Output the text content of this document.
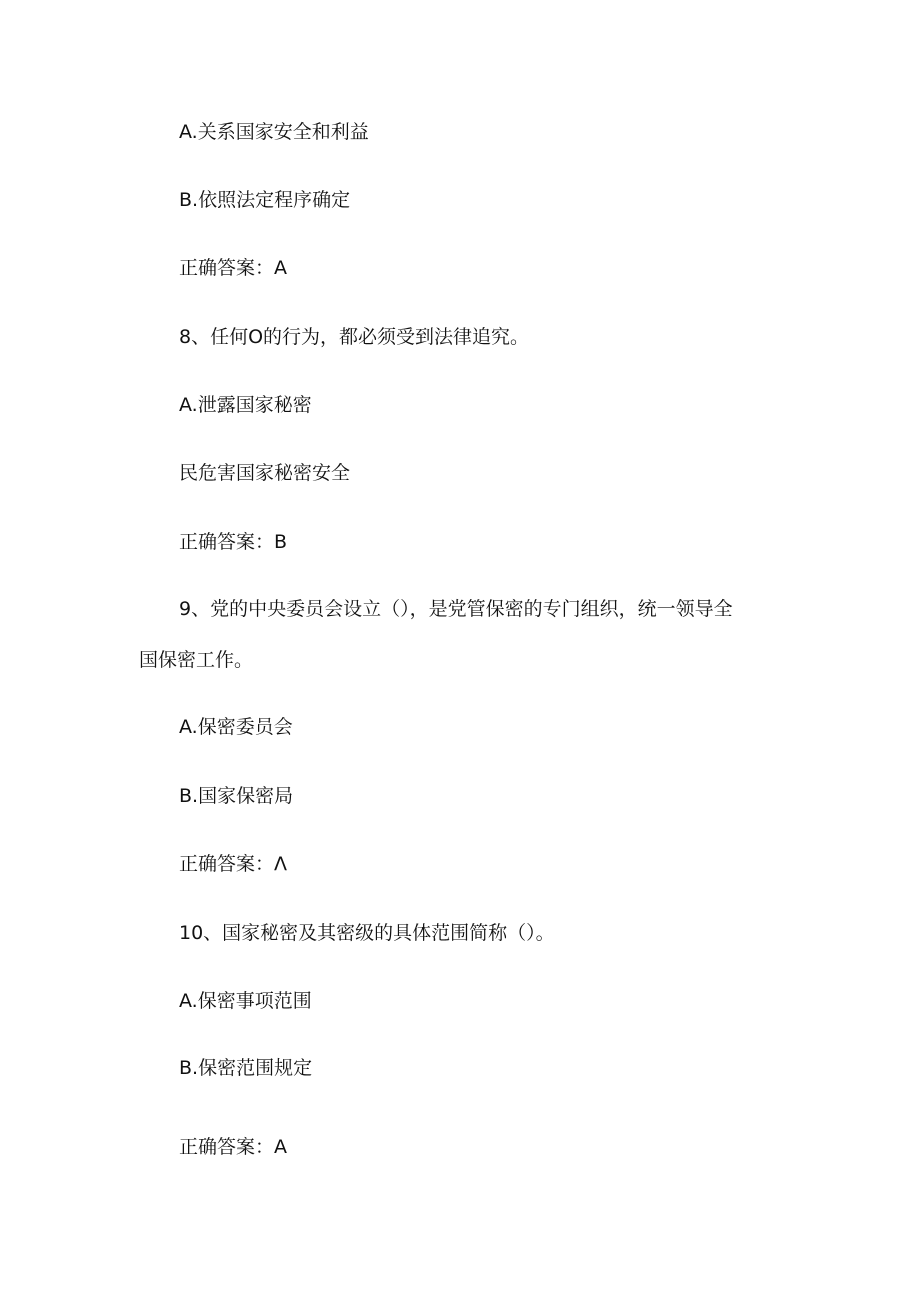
A.关系国家安全和利益
B.依照法定程序确定
正确答案：A
8、任何O的行为，都必须受到法律追究。
A.泄露国家秘密
民危害国家秘密安全
正确答案：B
9、党的中央委员会设立（），是党管保密的专门组织，统一领导全
国保密工作。
A.保密委员会
B.国家保密局
正确答案：Λ
10、国家秘密及其密级的具体范围简称（）。
A.保密事项范围
B.保密范围规定
正确答案：A
